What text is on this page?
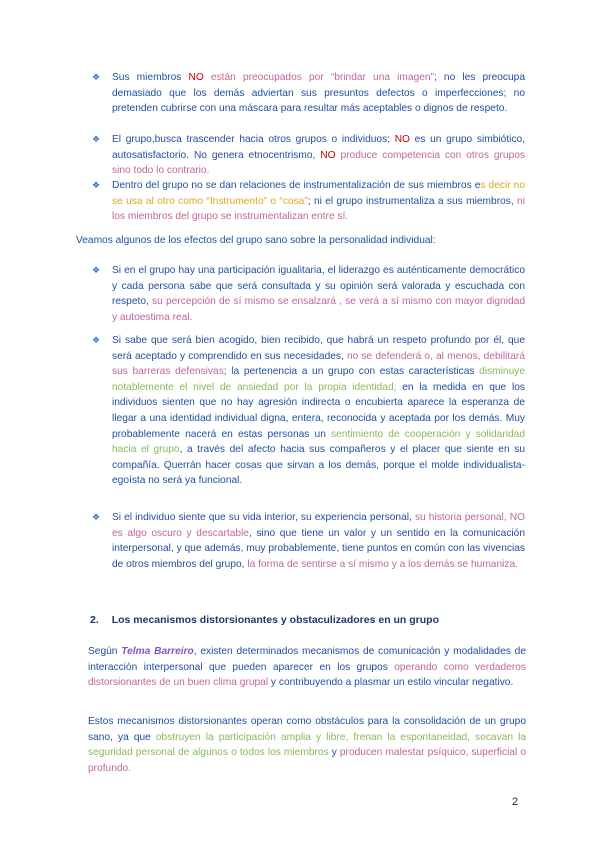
❖	Sus miembros NO están preocupados por “brindar una imagen”; no les preocupa demasiado que los demás adviertan sus presuntos defectos o imperfecciones; no pretenden cubrirse con una máscara para resultar más aceptables o dignos de respeto.
❖	El grupo,busca trascender hacia otros grupos o individuos; NO es un grupo simbiótico, autosatisfactorio. No genera etnocentrismo, NO produce competencia con otros grupos sino todo lo contrario.
❖	Dentro del grupo no se dan relaciones de instrumentalización de sus miembros es decir no se usa al otro como “Instrumento” o “cosa”; ni el grupo instrumentaliza a sus miembros, ni los miembros del grupo se instrumentalizan entre sí.
Veamos algunos de los efectos del grupo sano sobre la personalidad individual:
❖	Si en el grupo hay una participación igualitaria, el liderazgo es auténticamente democrático y cada persona sabe que será consultada y su opinión será valorada y escuchada con respeto, su percepción de sí mismo se ensalzará , se verá a sí mismo con mayor dignidad y autoestima real.
❖	Si sabe que será bien acogido, bien recibido, que habrá un respeto profundo por él, que será aceptado y comprendido en sus necesidades, no se defenderá o, al menos, debilitará sus barreras defensivas; la pertenencia a un grupo con estas características disminuye notablemente el nivel de ansiedad por la propia identidad; en la medida en que los individuos sienten que no hay agresión indirecta o encubierta aparece la esperanza de llegar a una identidad individual digna, entera, reconocida y aceptada por los demás. Muy probablemente nacerá en estas personas un sentimiento de cooperación y solidaridad hacia el grupo, a través del afecto hacia sus compañeros y el placer que siente en su compañía. Querrán hacer cosas que sirvan a los demás, porque el molde individualista-egoísta no será ya funcional.
❖	Si el individuo siente que su vida interior, su experiencia personal, su historia personal, NO es algo oscuro y descartable, sino que tiene un valor y un sentido en la comunicación interpersonal, y que además, muy probablemente, tiene puntos en común con las vivencias de otros miembros del grupo, la forma de sentirse a sí mismo y a los demás se humaniza.
2. Los mecanismos distorsionantes y obstaculizadores en un grupo
Según Telma Barreiro, existen determinados mecanismos de comunicación y modalidades de interacción interpersonal que pueden aparecer en los grupos operando como verdaderos distorsionantes de un buen clima grupal y contribuyendo a plasmar un estilo vincular negativo.
Estos mecanismos distorsionantes operan como obstáculos para la consolidación de un grupo sano, ya que obstruyen la participación amplia y libre, frenan la espontaneidad, socavan la seguridad personal de algunos o todos los miembros y producen malestar psíquico, superficial o profundo.
2
